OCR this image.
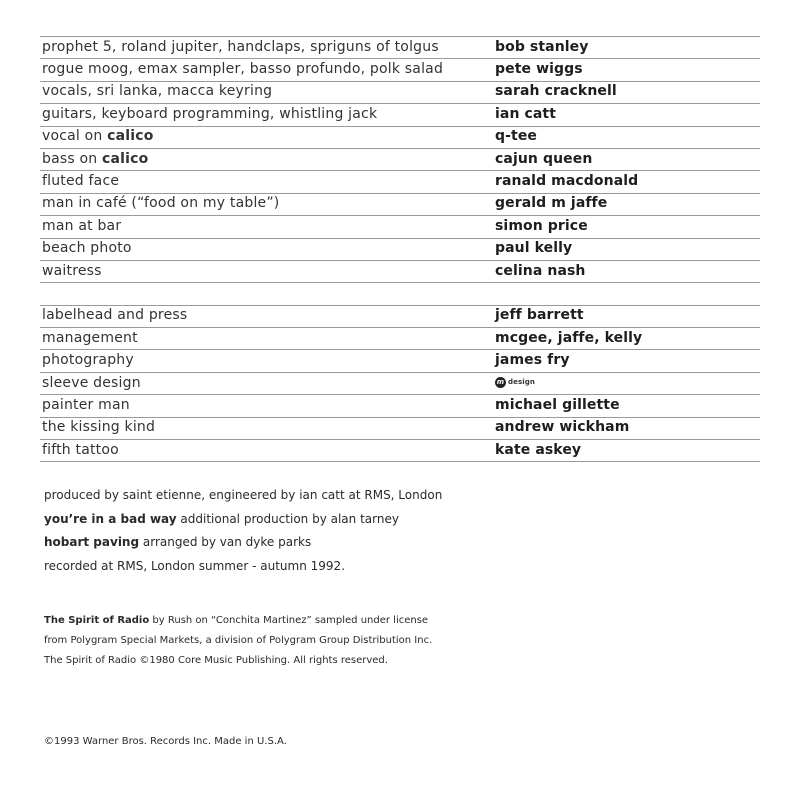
prophet 5, roland jupiter, handclaps, spriguns of tolgus	bob stanley
rogue moog, emax sampler, basso profundo, polk salad	pete wiggs
vocals, sri lanka, macca keyring	sarah cracknell
guitars, keyboard programming, whistling jack	ian catt
vocal on calico	q-tee
bass on calico	cajun queen
fluted face	ranald macdonald
man in café (“food on my table”)	gerald m jaffe
man at bar	simon price
beach photo	paul kelly
waitress	celina nash
labelhead and press	jeff barrett
management	mcgee, jaffe, kelly
photography	james fry
sleeve design	m design
painter man	michael gillette
the kissing kind	andrew wickham
fifth tattoo	kate askey

produced by saint etienne, engineered by ian catt at RMS, London

you’re in a bad way additional production by alan tarney

hobart paving arranged by van dyke parks

recorded at RMS, London summer - autumn 1992.

The Spirit of Radio by Rush on “Conchita Martinez” sampled under license

from Polygram Special Markets, a division of Polygram Group Distribution Inc.

The Spirit of Radio ©1980 Core Music Publishing. All rights reserved.

©1993 Warner Bros. Records Inc. Made in U.S.A.
